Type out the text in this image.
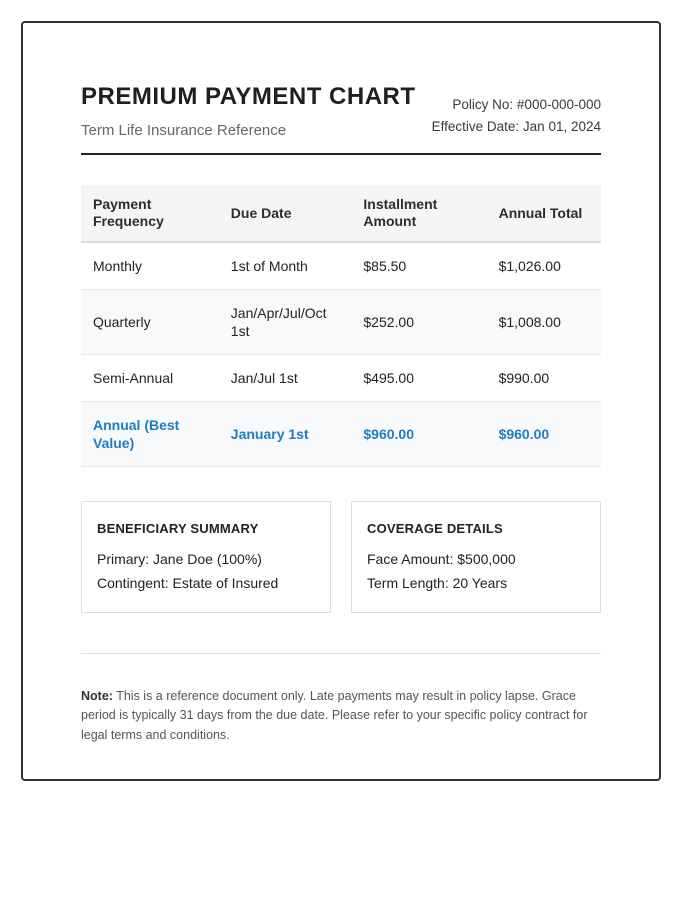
PREMIUM PAYMENT CHART
Term Life Insurance Reference
Policy No: #000-000-000
Effective Date: Jan 01, 2024
Payment Frequency	Due Date	Installment Amount	Annual Total
Monthly	1st of Month	$85.50	$1,026.00
Quarterly	Jan/Apr/Jul/Oct 1st	$252.00	$1,008.00
Semi-Annual	Jan/Jul 1st	$495.00	$990.00
Annual (Best Value)	January 1st	$960.00	$960.00
BENEFICIARY SUMMARY
Primary: Jane Doe (100%)
Contingent: Estate of Insured
COVERAGE DETAILS
Face Amount: $500,000
Term Length: 20 Years

Note: This is a reference document only. Late payments may result in policy lapse. Grace period is typically 31 days from the due date. Please refer to your specific policy contract for legal terms and conditions.
